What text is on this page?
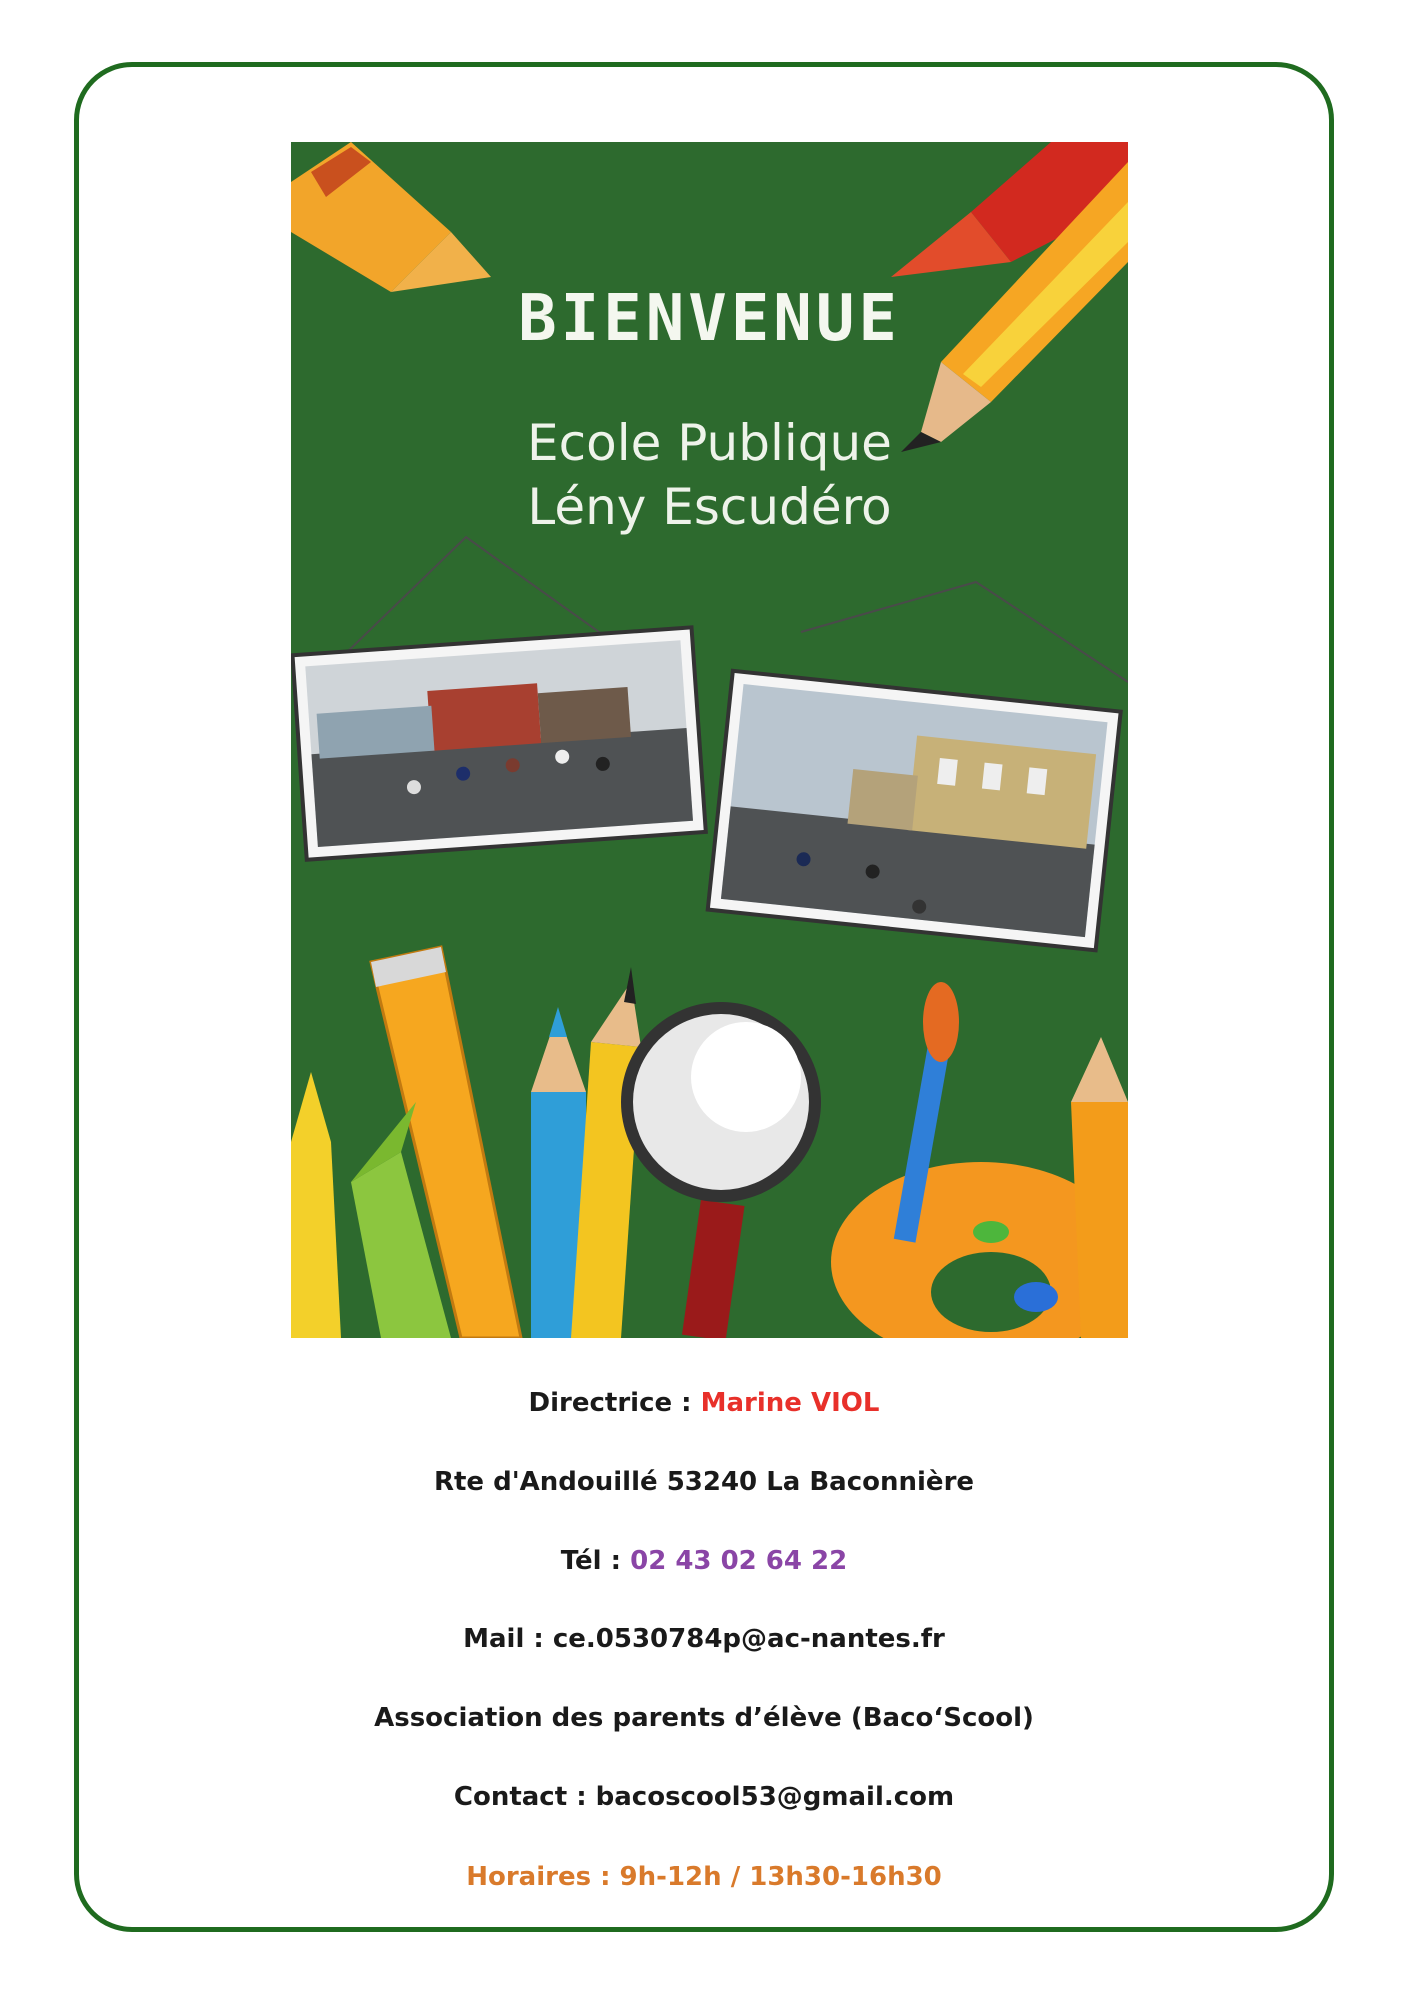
BIENVENUE
Ecole Publique
Lény Escudéro
Directrice : Marine VIOL
Rte d'Andouillé 53240 La Baconnière
Tél : 02 43 02 64 22
Mail : ce.0530784p@ac-nantes.fr
Association des parents d’élève (Baco‘Scool)
Contact : bacoscool53@gmail.com
Horaires : 9h-12h / 13h30-16h30
